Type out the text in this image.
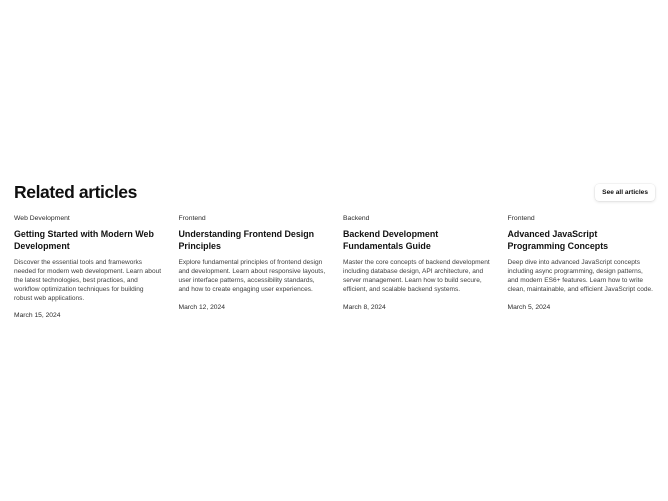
Related articles	See all articles
Web Development
Getting Started with Modern Web Development

Discover the essential tools and frameworks needed for modern web development. Learn about the latest technologies, best practices, and workflow optimization techniques for building robust web applications.

March 15, 2024
Frontend
Understanding Frontend Design Principles

Explore fundamental principles of frontend design and development. Learn about responsive layouts, user interface patterns, accessibility standards, and how to create engaging user experiences.

March 12, 2024
Backend
Backend Development Fundamentals Guide

Master the core concepts of backend development including database design, API architecture, and server management. Learn how to build secure, efficient, and scalable backend systems.

March 8, 2024
Frontend
Advanced JavaScript Programming Concepts

Deep dive into advanced JavaScript concepts including async programming, design patterns, and modern ES6+ features. Learn how to write clean, maintainable, and efficient JavaScript code.

March 5, 2024
